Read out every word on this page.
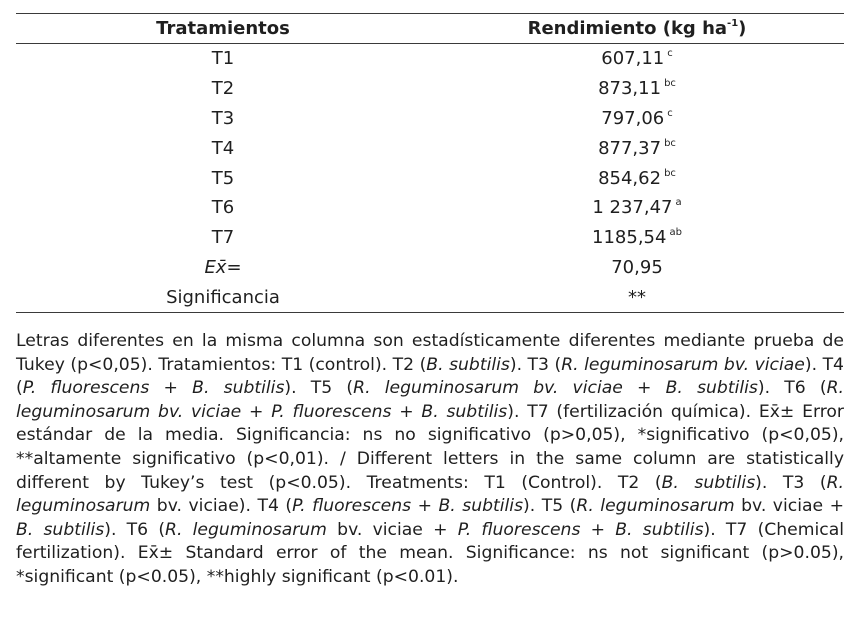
Tratamientos	Rendimiento (kg $ha^{-1}$)
T1	607,11 $^c$
T2	873,11 $^{bc}$
T3	797,06 $^c$
T4	877,37 $^{bc}$
T5	854,62 $^{bc}$
T6	1 237,47 $^a$
T7	1185,54 $^{ab}$
Ex̄=	70,95
Significancia	**
Letras diferentes en la misma columna son estadísticamente diferentes mediante prueba de Tukey (p<0,05). Tratamientos: T1 (control). T2 (B. subtilis). T3 (R. leguminosarum bv. viciae). T4 (P. fluorescens + B. subtilis). T5 (R. leguminosarum bv. viciae + B. subtilis). T6 (R. leguminosarum bv. viciae + P. fluorescens + B. subtilis). T7 (fertilización química). Ex̄± Error estándar de la media. Significancia: ns no significativo (p>0,05), *significativo (p<0,05), **altamente significativo (p<0,01). / Different letters in the same column are statistically different by Tukey’s test (p<0.05). Treatments: T1 (Control). T2 (B. subtilis). T3 (R. leguminosarum bv. viciae). T4 (P. fluorescens + B. subtilis). T5 (R. leguminosarum bv. viciae + B. subtilis). T6 (R. leguminosarum bv. viciae + P. fluorescens + B. subtilis). T7 (Chemical fertilization). Ex̄± Standard error of the mean. Significance: ns not significant (p>0.05), *significant (p<0.05), **highly significant (p<0.01).
